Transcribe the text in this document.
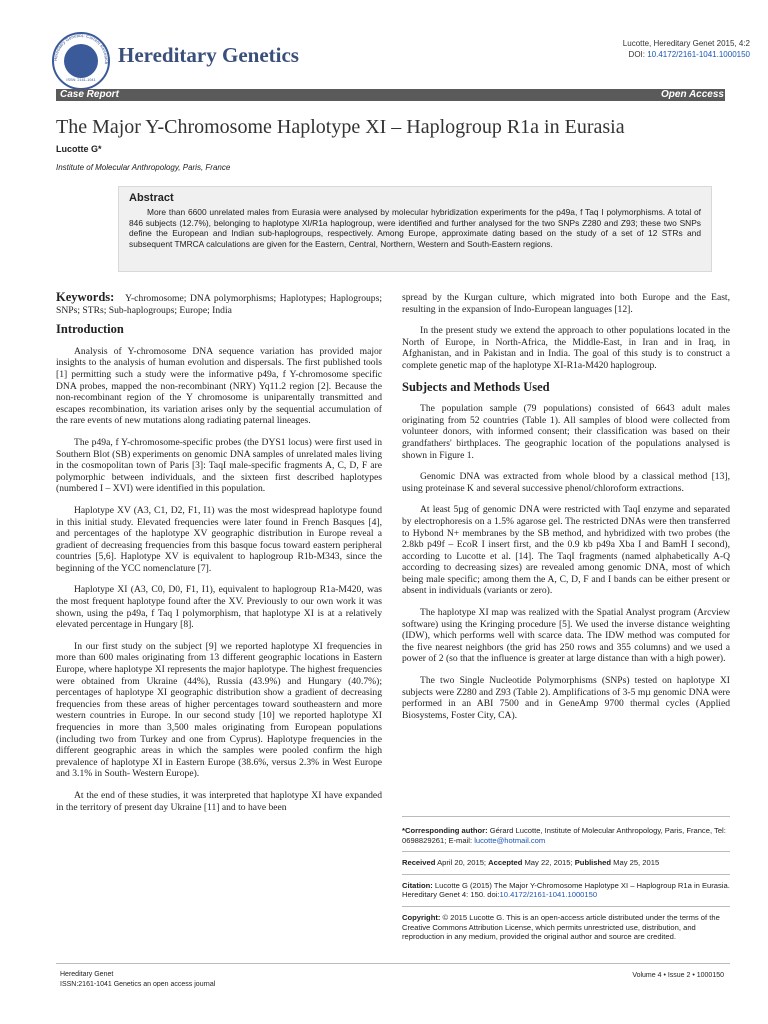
Hereditary Genetics: Current Research
ISSN: 2161-1041
Hereditary Genetics	Lucotte, Hereditary Genet 2015, 4:2
DOI: 10.4172/2161-1041.1000150
Case Report	Open Access
The Major Y-Chromosome Haplotype XI – Haplogroup R1a in Eurasia
Lucotte G*
Institute of Molecular Anthropology, Paris, France
Abstract

More than 6600 unrelated males from Eurasia were analysed by molecular hybridization experiments for the p49a, f Taq I polymorphisms. A total of 846 subjects (12.7%), belonging to haplotype XI/R1a haplogroup, were identified and further analysed for the two SNPs Z280 and Z93; these two SNPs define the European and Indian sub-haplogroups, respectively. Among Europe, approximate dating based on the study of a set of 12 STRs and subsequent TMRCA calculations are given for the Eastern, Central, Northern, Western and South-Eastern regions.

Keywords: Y-chromosome; DNA polymorphisms; Haplotypes; Haplogroups; SNPs; STRs; Sub-haplogroups; Europe; India

Introduction

Analysis of Y-chromosome DNA sequence variation has provided major insights to the analysis of human evolution and dispersals. The first published tools [1] permitting such a study were the informative p49a, f Y-chromosome specific DNA probes, mapped the non-recombinant (NRY) Yq11.2 region [2]. Because the non-recombinant region of the Y chromosome is uniparentally transmitted and escapes recombination, its variation arises only by the sequential accumulation of the rare events of new mutations along radiating paternal lineages.

The p49a, f Y-chromosome-specific probes (the DYS1 locus) were first used in Southern Blot (SB) experiments on genomic DNA samples of unrelated males living in the cosmopolitan town of Paris [3]: TaqI male-specific fragments A, C, D, F are polymorphic between individuals, and the sixteen first described haplotypes (numbered I – XVI) were identified in this population.

Haplotype XV (A3, C1, D2, F1, I1) was the most widespread haplotype found in this initial study. Elevated frequencies were later found in French Basques [4], and percentages of the haplotype XV geographic distribution in Europe reveal a gradient of decreasing frequencies from this basque focus toward eastern peripheral countries [5,6]. Haplotype XV is equivalent to haplogroup R1b-M343, since the beginning of the YCC nomenclature [7].

Haplotype XI (A3, C0, D0, F1, I1), equivalent to haplogroup R1a-M420, was the most frequent haplotype found after the XV. Previously to our own work it was shown, using the p49a, f Taq I polymorphism, that haplotype XI is at a relatively elevated percentage in Hungary [8].

In our first study on the subject [9] we reported haplotype XI frequencies in more than 600 males originating from 13 different geographic locations in Eastern Europe, where haplotype XI represents the major haplotype. The highest frequencies were obtained from Ukraine (44%), Russia (43.9%) and Hungary (40.7%); percentages of haplotype XI geographic distribution show a gradient of decreasing frequencies from these areas of higher percentages toward southeastern and more western countries in Europe. In our second study [10] we reported haplotype XI frequencies in more than 3,500 males originating from European populations (including two from Turkey and one from Cyprus). Haplotype frequencies in the different geographic areas in which the samples were pooled confirm the high prevalence of haplotype XI in Eastern Europe (38.6%, versus 2.3% in West Europe and 3.1% in South- Western Europe).

At the end of these studies, it was interpreted that haplotype XI have expanded in the territory of present day Ukraine [11] and to have been

spread by the Kurgan culture, which migrated into both Europe and the East, resulting in the expansion of Indo-European languages [12].

In the present study we extend the approach to other populations located in the North of Europe, in North-Africa, the Middle-East, in Iran and in Iraq, in Afghanistan, and in Pakistan and in India. The goal of this study is to construct a complete genetic map of the haplotype XI-R1a-M420 haplogroup.

Subjects and Methods Used

The population sample (79 populations) consisted of 6643 adult males originating from 52 countries (Table 1). All samples of blood were collected from volunteer donors, with informed consent; their classification was based on their grandfathers' birthplaces. The geographic location of the populations analysed is shown in Figure 1.

Genomic DNA was extracted from whole blood by a classical method [13], using proteinase K and several successive phenol/chloroform extractions.

At least 5µg of genomic DNA were restricted with TaqI enzyme and separated by electrophoresis on a 1.5% agarose gel. The restricted DNAs were then transferred to Hybond N+ membranes by the SB method, and hybridized with two probes (the 2.8kb p49f – EcoR I insert first, and the 0.9 kb p49a Xba I and BamH I second), according to Lucotte et al. [14]. The TaqI fragments (named alphabetically A-Q according to decreasing sizes) are revealed among genomic DNA, most of which being male specific; among them the A, C, D, F and I bands can be either present or absent in individuals (variants or zero).

The haplotype XI map was realized with the Spatial Analyst program (Arcview software) using the Kringing procedure [5]. We used the inverse distance weighting (IDW), which performs well with scarce data. The IDW method was computed for the five nearest neighbors (the grid has 250 rows and 355 columns) and we used a power of 2 (so that the influence is greater at large distance than with a high power).

The two Single Nucleotide Polymorphisms (SNPs) tested on haplotype XI subjects were Z280 and Z93 (Table 2). Amplifications of 3-5 mµ genomic DNA were performed in an ABI 7500 and in GeneAmp 9700 thermal cycles (Applied Biosystems, Foster City, CA).

*Corresponding author: Gérard Lucotte, Institute of Molecular Anthropology, Paris, France, Tel: 0698829261; E-mail: lucotte@hotmail.com

Received April 20, 2015; Accepted May 22, 2015; Published May 25, 2015

Citation: Lucotte G (2015) The Major Y-Chromosome Haplotype XI – Haplogroup R1a in Eurasia. Hereditary Genet 4: 150. doi:10.4172/2161-1041.1000150

Copyright: © 2015 Lucotte G. This is an open-access article distributed under the terms of the Creative Commons Attribution License, which permits unrestricted use, distribution, and reproduction in any medium, provided the original author and source are credited.

Hereditary Genet
ISSN:2161-1041 Genetics an open access journal
Volume 4 • Issue 2 • 1000150
